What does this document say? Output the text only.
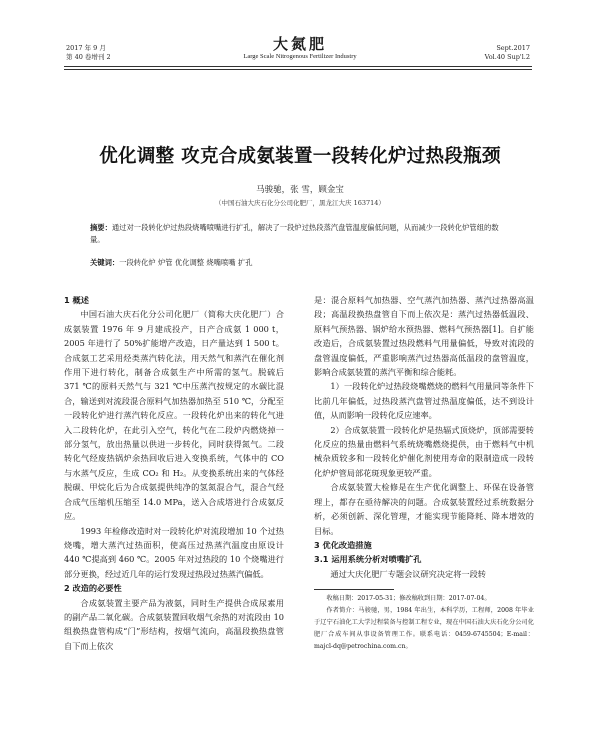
2017 年 9 月
第 40 卷增刊 2
大氮肥
Large Scale Nitrogenous Fertilizer Industry
Sept.2017
Vol.40 Sup'l.2
优化调整 攻克合成氨装置一段转化炉过热段瓶颈
马骏驰，张 雪，顾金宝
（中国石油大庆石化分公司化肥厂，黑龙江大庆 163714）
摘要：通过对一段转化炉过热段烧嘴喷嘴进行扩孔，解决了一段炉过热段蒸汽盘管温度偏低问题，从而减少一段转化炉管组的数量。
关键词：一段转化炉 炉管 优化调整 烧嘴喷嘴 扩孔

1 概述

中国石油大庆石化分公司化肥厂（简称大庆化肥厂）合成氨装置 1976 年 9 月建成投产，日产合成氨 1 000 t，2005 年进行了 50%扩能增产改造，日产量达到 1 500 t。合成氨工艺采用烃类蒸汽转化法，用天然气和蒸汽在催化剂作用下进行转化，制备合成氨生产中所需的氢气。脱硫后 371 ℃的原料天然气与 321 ℃中压蒸汽按规定的水碳比混合，输送到对流段混合原料气加热器加热至 510 ℃，分配至一段转化炉进行蒸汽转化反应。一段转化炉出来的转化气进入二段转化炉，在此引入空气，转化气在二段炉内燃烧掉一部分氢气，放出热量以供进一步转化，同时获得氮气。二段转化气经废热锅炉余热回收后进入变换系统，气体中的 CO 与水蒸气反应，生成 CO₂ 和 H₂。从变换系统出来的气体经脱碳、甲烷化后为合成氨提供纯净的氢氮混合气，混合气经合成气压缩机压缩至 14.0 MPa，送入合成塔进行合成氨反应。

1993 年检修改造时对一段转化炉对流段增加 10 个过热烧嘴，增大蒸汽过热面积，使高压过热蒸汽温度由原设计 440 ℃提高到 460 ℃。2005 年对过热段的 10 个烧嘴进行部分更换，经过近几年的运行发现过热段过热蒸汽偏低。

2 改造的必要性

合成氨装置主要产品为液氨，同时生产提供合成尿素用的副产品二氧化碳。合成氨装置回收烟气余热的对流段由 10 组换热盘管构成“门”形结构，按烟气流向，高温段换热盘管自下而上依次

是：混合原料气加热器、空气蒸汽加热器、蒸汽过热器高温段；高温段换热盘管自下而上依次是：蒸汽过热器低温段、原料气预热器、锅炉给水预热器、燃料气预热器[1]。自扩能改造后，合成氨装置过热段燃料气用量偏低，导致对流段的盘管温度偏低，严重影响蒸汽过热器高低温段的盘管温度，影响合成氨装置的蒸汽平衡和综合能耗。

1）一段转化炉过热段烧嘴燃烧的燃料气用量同等条件下比前几年偏低，过热段蒸汽盘管过热温度偏低，达不到设计值，从而影响一段转化反应速率。

2）合成氨装置一段转化炉是热辐式顶烧炉，顶部需要转化反应的热量由燃料气系统烧嘴燃烧提供，由于燃料气中机械杂质较多和一段转化炉催化剂使用寿命的限制造成一段转化炉炉管局部花斑现象更较严重。

合成氨装置大检修是在生产优化调整上、环保在设备管理上，都存在亟待解决的问题。合成氨装置经过系统数据分析，必须创新、深化管理，才能实现节能降耗、降本增效的目标。

3 优化改造措施

3.1 运用系统分析对喷嘴扩孔

通过大庆化肥厂专题会议研究决定将一段转

收稿日期：2017-05-31；修改稿收到日期：2017-07-04。

作者简介：马骏驰，男，1984 年出生，本科学历，工程师，2008 年毕业于辽宁石油化工大学过程装备与控制工程专业，现在中国石油大庆石化分公司化肥厂合成车间从事设备管理工作。联系电话：0459-6745504；E-mail：majcl-dq@petrochina.com.cn。
